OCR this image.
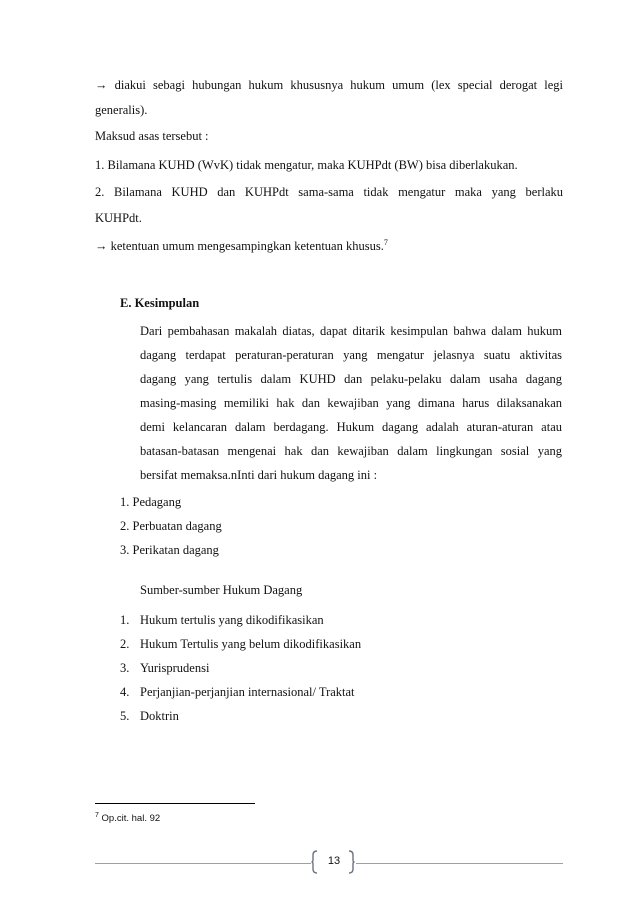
→ diakui sebagi hubungan hukum khususnya hukum umum (lex special derogat legi
generalis).
Maksud asas tersebut :
1. Bilamana KUHD (WvK) tidak mengatur, maka KUHPdt (BW) bisa diberlakukan.
2. Bilamana KUHD dan KUHPdt sama-sama tidak mengatur maka yang berlaku
KUHPdt.
→ ketentuan umum mengesampingkan ketentuan khusus.$^7$
E. Kesimpulan
Dari pembahasan makalah diatas, dapat ditarik kesimpulan bahwa dalam hukum
dagang terdapat peraturan-peraturan yang mengatur jelasnya suatu aktivitas
dagang yang tertulis dalam KUHD dan pelaku-pelaku dalam usaha dagang
masing-masing memiliki hak dan kewajiban yang dimana harus dilaksanakan
demi kelancaran dalam berdagang. Hukum dagang adalah aturan-aturan atau
batasan-batasan mengenai hak dan kewajiban dalam lingkungan sosial yang
bersifat memaksa.nInti dari hukum dagang ini :
1. Pedagang
2. Perbuatan dagang
3. Perikatan dagang
Sumber-sumber Hukum Dagang
1. Hukum tertulis yang dikodifikasikan
2. Hukum Tertulis yang belum dikodifikasikan
3. Yurisprudensi
4. Perjanjian-perjanjian internasional/ Traktat
5. Doktrin
$^7$ Op.cit. hal. 92
13
